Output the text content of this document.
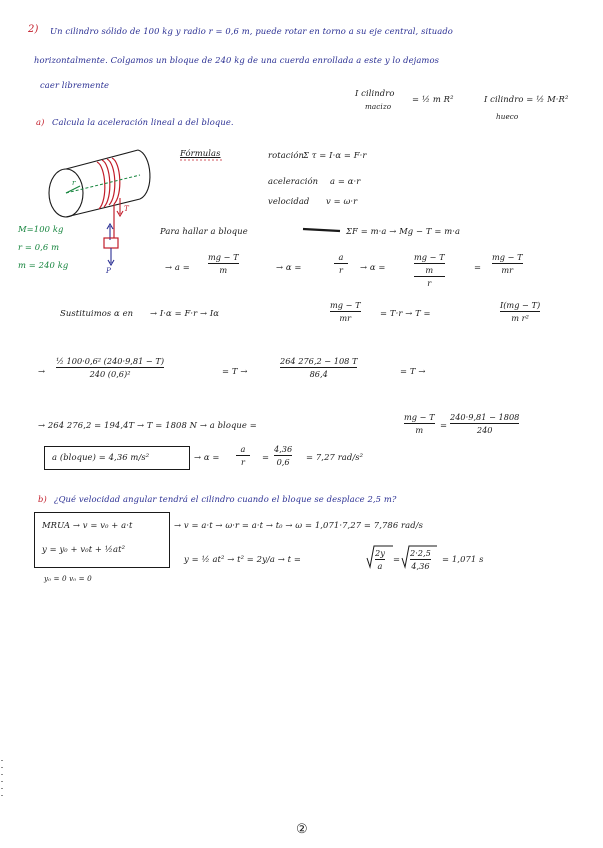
2) Un cilindro sólido de 100 kg y radio r = 0,6 m, puede rotar en torno a su eje central, situado
horizontalmente. Colgamos un bloque de 240 kg de una cuerda enrollada a este y lo dejamos
caer libremente
I cilindro
macizo
= ½ m R²	I cilindro = ½ M·R²
hueco
a) Calcula la aceleración lineal a del bloque.
Fórmulas	rotación
Σ τ = I·α = F·r
aceleración a = α·r
velocidad v = ω·r
M=100 kg
r = 0,6 m
m = 240 kg
T
P
r
Para hallar a bloque	ΣF = m·a → Mg − T = m·a
→ a =
mg − T
m	→ α =
a
r → α =
mg − T
m
r
=
mg − T
mr
Sustituimos α en → I·α = F·r → Iα
mg − T
mr	= T·r → T =
I(mg − T)
m r²
→
½ 100·0,6² (240·9,81 − T)
240 (0,6)²	= T →
264 276,2 − 108 T
86,4	= T →
→ 264 276,2 = 194,4T → T = 1808 N → a bloque =
mg − T
m =
240·9,81 − 1808
240
a (bloque) = 4,36 m/s²	→ α =
a
r =
4,36
0,6 = 7,27 rad/s²
b) ¿Qué velocidad angular tendrá el cilindro cuando el bloque se desplace 2,5 m?
MRUA → v = v₀ + a·t
y = y₀ + v₀t + ½at²
y₀ = 0 v₀ = 0
→ v = a·t → ω·r = a·t → t₀ → ω = 1,071·7,27 = 7,786 rad/s
y = ½ at² → t² = 2y/a → t =
2y
a
=
2·2,5
4,36
= 1,071 s
②
